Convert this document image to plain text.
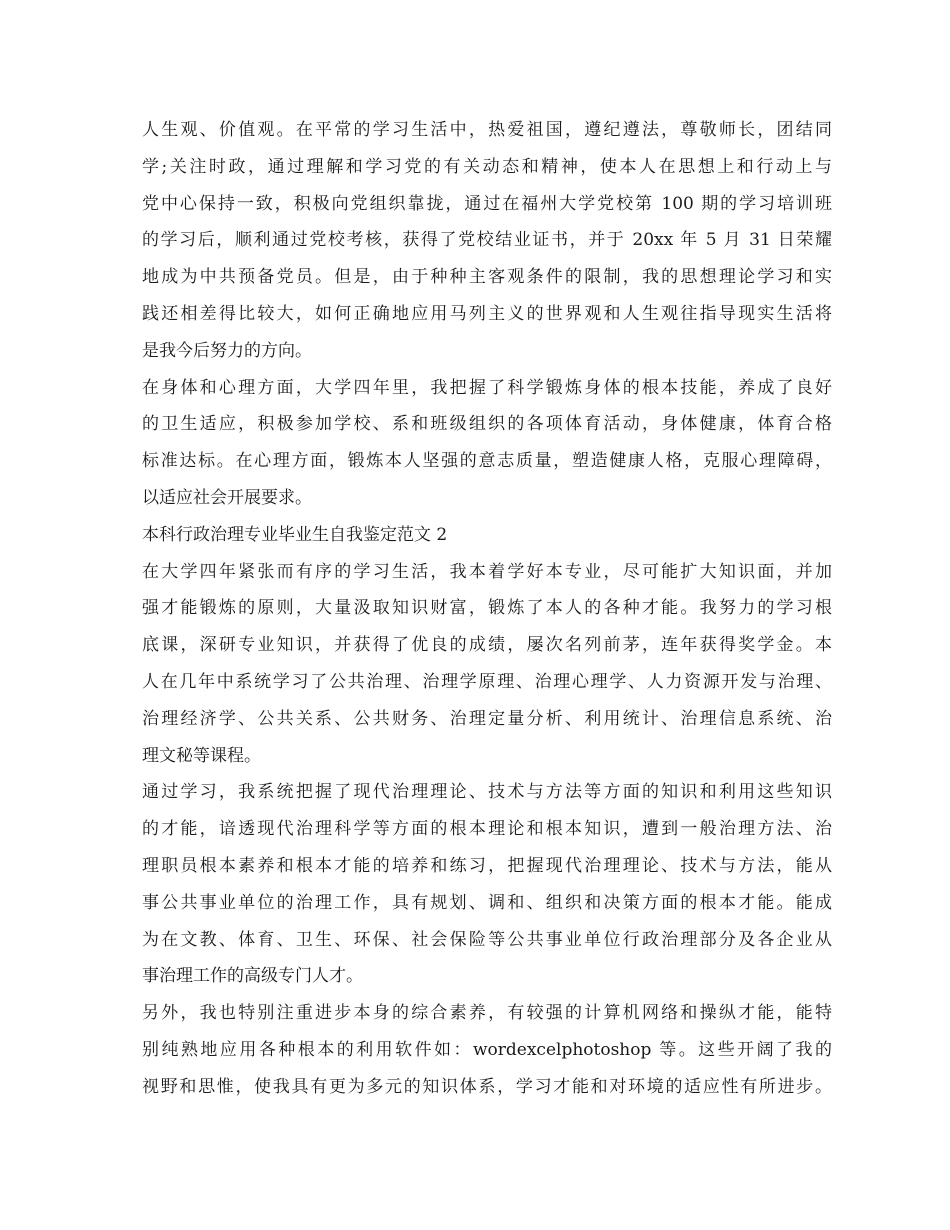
人生观、价值观。在平常的学习生活中，热爱祖国，遵纪遵法，尊敬师长，团结同
学;关注时政，通过理解和学习党的有关动态和精神，使本人在思想上和行动上与
党中心保持一致，积极向党组织靠拢，通过在福州大学党校第 100 期的学习培训班
的学习后，顺利通过党校考核，获得了党校结业证书，并于 20xx 年 5 月 31 日荣耀
地成为中共预备党员。但是，由于种种主客观条件的限制，我的思想理论学习和实
践还相差得比较大，如何正确地应用马列主义的世界观和人生观往指导现实生活将
是我今后努力的方向。
在身体和心理方面，大学四年里，我把握了科学锻炼身体的根本技能，养成了良好
的卫生适应，积极参加学校、系和班级组织的各项体育活动，身体健康，体育合格
标准达标。在心理方面，锻炼本人坚强的意志质量，塑造健康人格，克服心理障碍，
以适应社会开展要求。
本科行政治理专业毕业生自我鉴定范文 2
在大学四年紧张而有序的学习生活，我本着学好本专业，尽可能扩大知识面，并加
强才能锻炼的原则，大量汲取知识财富，锻炼了本人的各种才能。我努力的学习根
底课，深研专业知识，并获得了优良的成绩，屡次名列前茅，连年获得奖学金。本
人在几年中系统学习了公共治理、治理学原理、治理心理学、人力资源开发与治理、
治理经济学、公共关系、公共财务、治理定量分析、利用统计、治理信息系统、治
理文秘等课程。
通过学习，我系统把握了现代治理理论、技术与方法等方面的知识和利用这些知识
的才能，谙透现代治理科学等方面的根本理论和根本知识，遭到一般治理方法、治
理职员根本素养和根本才能的培养和练习，把握现代治理理论、技术与方法，能从
事公共事业单位的治理工作，具有规划、调和、组织和决策方面的根本才能。能成
为在文教、体育、卫生、环保、社会保险等公共事业单位行政治理部分及各企业从
事治理工作的高级专门人才。
另外，我也特别注重进步本身的综合素养，有较强的计算机网络和操纵才能，能特
别纯熟地应用各种根本的利用软件如：wordexcelphotoshop 等。这些开阔了我的
视野和思惟，使我具有更为多元的知识体系，学习才能和对环境的适应性有所进步。
